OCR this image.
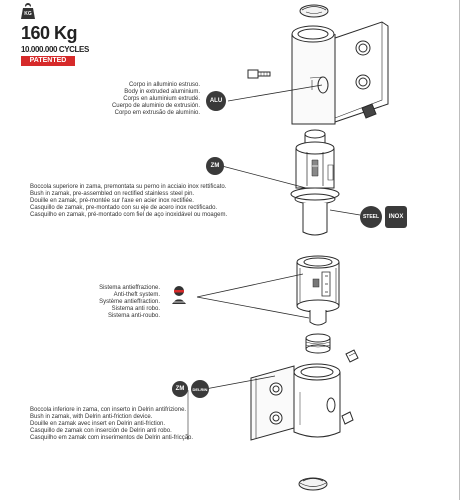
KG
160 Kg
10.000.000 CYCLES
PATENTED
Corpo in alluminio estruso.
Body in extruded aluminium.
Corps en aluminium extrudé.
Cuerpo de aluminio de extrusión.
Corpo em extrusão de alumínio.
ALU
ZM
Boccola superiore in zama, premontata su perno in acciaio inox rettificato.
Bush in zamak, pre-assembled on rectified stainless steel pin.
Douille en zamak, pré-montée sur l'axe en acier inox rectifiée.
Casquillo de zamak, pre-montado con su eje de acero inox rectificado.
Casquilho en zamak, pré-montado com fiel de aço inoxidável ou moagem.	STEEL	INOX
Sistema antieffrazione.
Anti-theft system.
Système antieffraction.
Sistema anti robo.
Sistema anti-roubo.
ZM	DELRIN
Boccola inferiore in zama, con inserto in Delrin antifrizione.
Bush in zamak, with Delrin anti-friction device.
Douille en zamak avec insert en Delrin anti-friction.
Casquillo de zamak con inserción de Delrin anti robo.
Casquilho em zamak com inserimentos de Delrin anti-fricção.
